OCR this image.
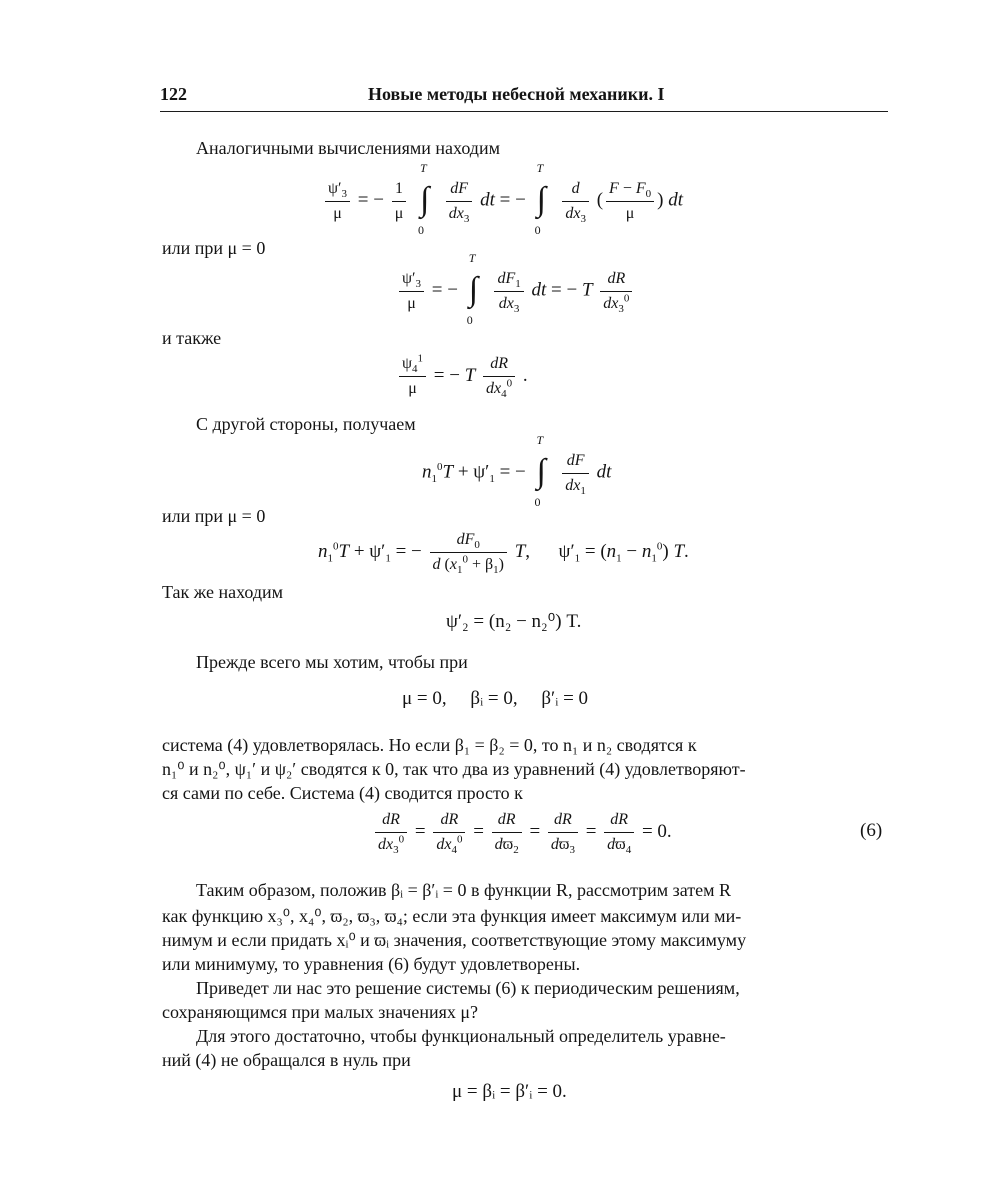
122	Новые методы небесной механики. I
Аналогичными вычислениями находим
$\frac{\psi'_3}{\mu}$ = − $\frac{1}{\mu}$

T
∫
0

$\frac{dF}{dx_3}$ dt = −
T
∫
0

$\frac{d}{dx_3}$ ( $\frac{F - F_0}{\mu}$ ) dt
или при μ = 0
$\frac{\psi'_3}{\mu}$ = −
T
∫
0

$\frac{dF_1}{dx_3}$ dt = − T $\frac{dR}{dx_3^0}$
и также
$\frac{\psi_4^1}{\mu}$ = − T $\frac{dR}{dx_4^0}$ .
С другой стороны, получаем
$n_1^0T + \psi'_1$ = −
T
∫
0

$\frac{dF}{dx_1}$ dt
или при μ = 0
$n_1^0T + \psi'_1$ = − $\frac{dF_0}{d (x_1^0 + \beta_1)} T$,      $\psi'_1 = (n_1 - n_1^0)$ T.
Так же находим
ψ′₂ = (n₂ − n₂⁰) T.
Прежде всего мы хотим, чтобы при
μ = 0,     βᵢ = 0,     β′ᵢ = 0
система (4) удовлетворялась. Но если β₁ = β₂ = 0, то n₁ и n₂ сводятся к
n₁⁰ и n₂⁰, ψ₁′ и ψ₂′ сводятся к 0, так что два из уравнений (4) удовлетворяют-
ся сами по себе. Система (4) сводится просто к
$\frac{dR}{dx_3^0} = \frac{dR}{dx_4^0} = \frac{dR}{dϖ_2} = \frac{dR}{dϖ_3} = \frac{dR}{dϖ_4} = 0$.	(6)
Таким образом, положив βᵢ = β′ᵢ = 0 в функции R, рассмотрим затем R
как функцию x₃⁰, x₄⁰, ϖ₂, ϖ₃, ϖ₄; если эта функция имеет максимум или ми-
нимум и если придать xᵢ⁰ и ϖᵢ значения, соответствующие этому максимуму
или минимуму, то уравнения (6) будут удовлетворены.
Приведет ли нас это решение системы (6) к периодическим решениям,
сохраняющимся при малых значениях μ?
Для этого достаточно, чтобы функциональный определитель уравне-
ний (4) не обращался в нуль при
μ = βᵢ = β′ᵢ = 0.
